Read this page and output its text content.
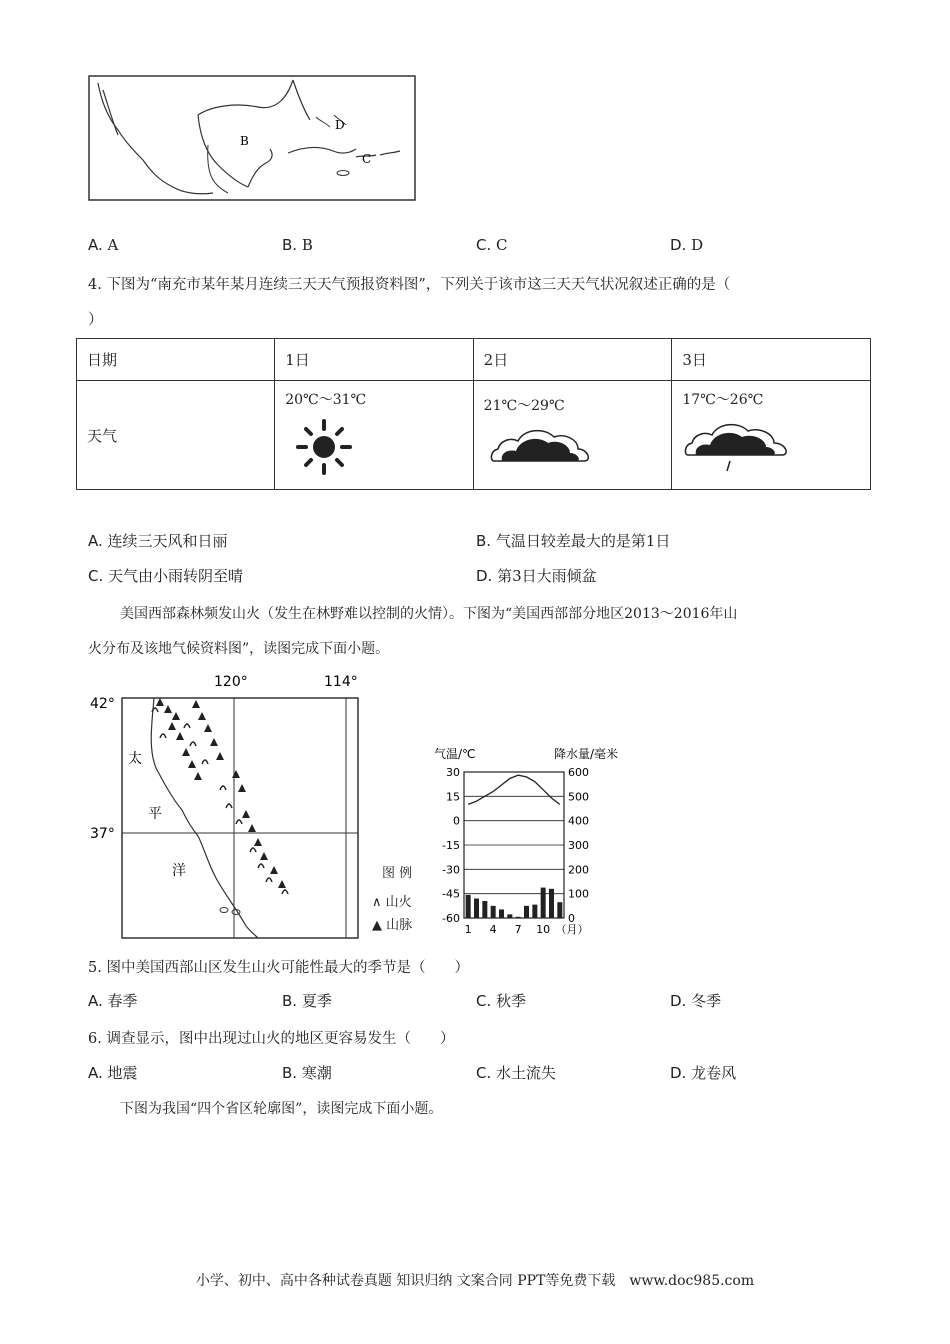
B
D
C
A. A	B. B	C. C	D. D
4. 下图为“南充市某年某月连续三天天气预报资料图”，下列关于该市这三天天气状况叙述正确的是（
）
日期	1日	2日	3日

天气	20℃～31℃	21℃～29℃	17℃～26℃
A. 连续三天风和日丽	B. 气温日较差最大的是第1日
C. 天气由小雨转阴至晴	D. 第3日大雨倾盆
美国西部森林频发山火（发生在林野难以控制的火情）。下图为“美国西部部分地区2013～2016年山
火分布及该地气候资料图”，读图完成下面小题。
120°	114°
42°
37°
太
平
洋	图 例
∧ 山火
▲ 山脉
气温/℃	降水量/毫米
30
15
0
-15
-30
-45
-60
600
500
400
300
200
100
0
1 4 7 10 （月）
5. 图中美国西部山区发生山火可能性最大的季节是（　　）
A. 春季	B. 夏季	C. 秋季	D. 冬季
6. 调查显示，图中出现过山火的地区更容易发生（　　）
A. 地震	B. 寒潮	C. 水土流失	D. 龙卷风
下图为我国“四个省区轮廓图”，读图完成下面小题。
小学、初中、高中各种试卷真题 知识归纳 文案合同 PPT等免费下载　www.doc985.com
